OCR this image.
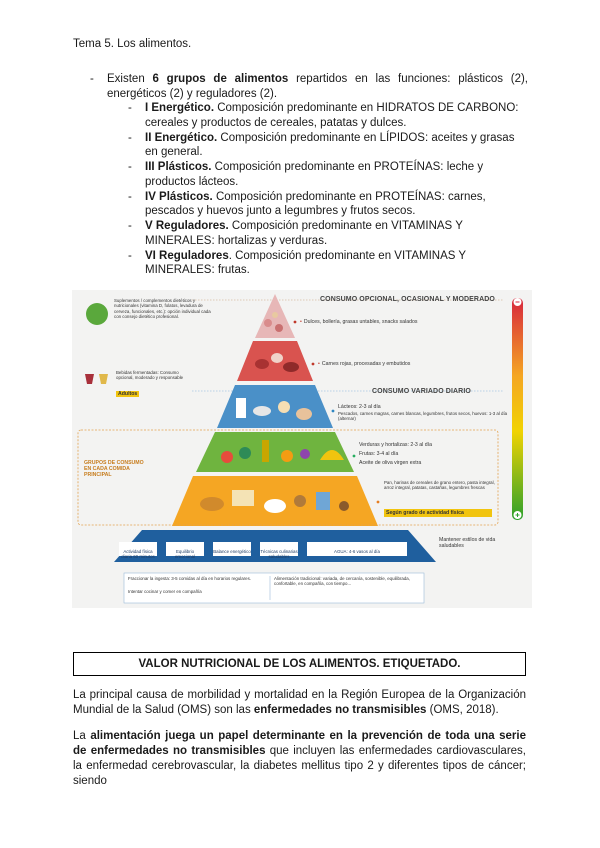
Tema 5. Los alimentos.
- Existen 6 grupos de alimentos repartidos en las funciones: plásticos (2), energéticos (2) y reguladores (2).
- I Energético. Composición predominante en HIDRATOS DE CARBONO: cereales y productos de cereales, patatas y dulces.
- II Energético. Composición predominante en LÍPIDOS: aceites y grasas en general.
- III Plásticos. Composición predominante en PROTEÍNAS: leche y productos lácteos.
- IV Plásticos. Composición predominante en PROTEÍNAS: carnes, pescados y huevos junto a legumbres y frutos secos.
- V Reguladores. Composición predominante en VITAMINAS Y MINERALES: hortalizas y verduras.
- VI Reguladores. Composición predominante en VITAMINAS Y MINERALES: frutas.
CONSUMO OPCIONAL, OCASIONAL Y MODERADO
CONSUMO VARIADO DIARIO
Suplementos / complementos dietéticos y nutricionales (vitamina D, folatos, levadura de cerveza, funcionales, etc.): opción individual cada con consejo dietético profesional.
• Dulces, bollería, grasas untables, snacks salados
• Carnes rojas, procesadas y embutidos
Bebidas fermentadas: Consumo opcional, moderado y responsable
Adultos
Lácteos: 2-3 al día
Pescados, carnes magras, carnes blancas, legumbres, frutos secos, huevos: 1-3 al día (alternar)
Verduras y hortalizas: 2-3 al día
Frutas: 3-4 al día
Aceite de oliva virgen extra
GRUPOS DE CONSUMO EN CADA COMIDA PRINCIPAL
Pan, harinas de cereales de grano entero, pasta integral, arroz integral, patatas, castañas, legumbres frescas
Según grado de actividad física
Mantener estilos de vida saludables
Actividad física diaria 60 minutos
Equilibrio emocional
Balance energético Técnicas culinarias saludables
AGUA: 4-6 vasos al día
Fraccionar la ingesta: 3-5 comidas al día en horarios regulares.
Intentar cocinar y comer en compañía
Alimentación tradicional: variada, de cercanía, sostenible, equilibrada, confortable, en compañía, con tiempo...
VALOR NUTRICIONAL DE LOS ALIMENTOS. ETIQUETADO.
La principal causa de morbilidad y mortalidad en la Región Europea de la Organización Mundial de la Salud (OMS) son las enfermedades no transmisibles (OMS, 2018).
La alimentación juega un papel determinante en la prevención de toda una serie de enfermedades no transmisibles que incluyen las enfermedades cardiovasculares, la enfermedad cerebrovascular, la diabetes mellitus tipo 2 y diferentes tipos de cáncer; siendo
